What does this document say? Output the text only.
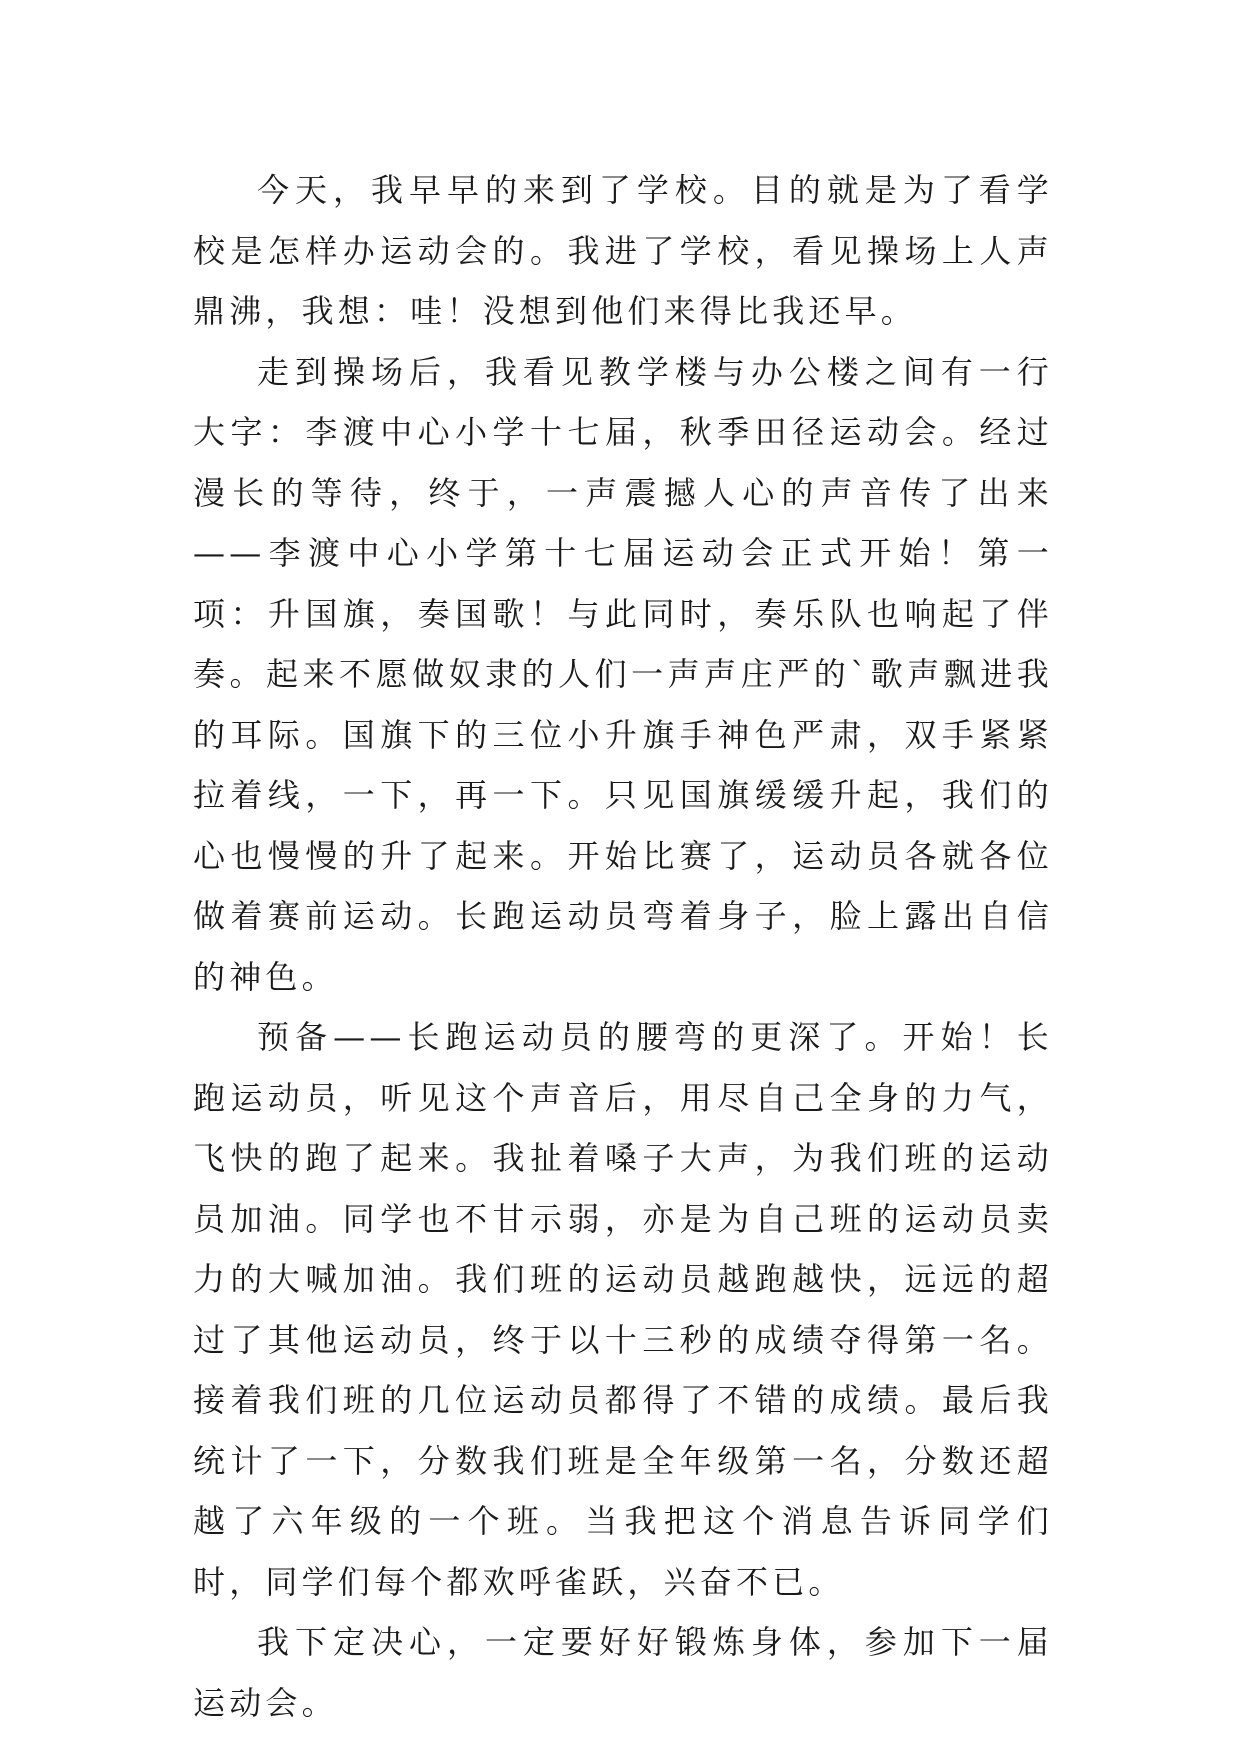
今天，我早早的来到了学校。目的就是为了看学校是怎样办运动会的。我进了学校，看见操场上人声鼎沸，我想：哇！没想到他们来得比我还早。

走到操场后，我看见教学楼与办公楼之间有一行大字：李渡中心小学十七届，秋季田径运动会。经过漫长的等待，终于，一声震撼人心的声音传了出来——李渡中心小学第十七届运动会正式开始！第一项：升国旗，奏国歌！与此同时，奏乐队也响起了伴奏。起来不愿做奴隶的人们一声声庄严的`歌声飘进我的耳际。国旗下的三位小升旗手神色严肃，双手紧紧拉着线，一下，再一下。只见国旗缓缓升起，我们的心也慢慢的升了起来。开始比赛了，运动员各就各位做着赛前运动。长跑运动员弯着身子，脸上露出自信的神色。

预备——长跑运动员的腰弯的更深了。开始！长跑运动员，听见这个声音后，用尽自己全身的力气，飞快的跑了起来。我扯着嗓子大声，为我们班的运动员加油。同学也不甘示弱，亦是为自己班的运动员卖力的大喊加油。我们班的运动员越跑越快，远远的超过了其他运动员，终于以十三秒的成绩夺得第一名。接着我们班的几位运动员都得了不错的成绩。最后我统计了一下，分数我们班是全年级第一名，分数还超越了六年级的一个班。当我把这个消息告诉同学们时，同学们每个都欢呼雀跃，兴奋不已。

我下定决心，一定要好好锻炼身体，参加下一届运动会。
